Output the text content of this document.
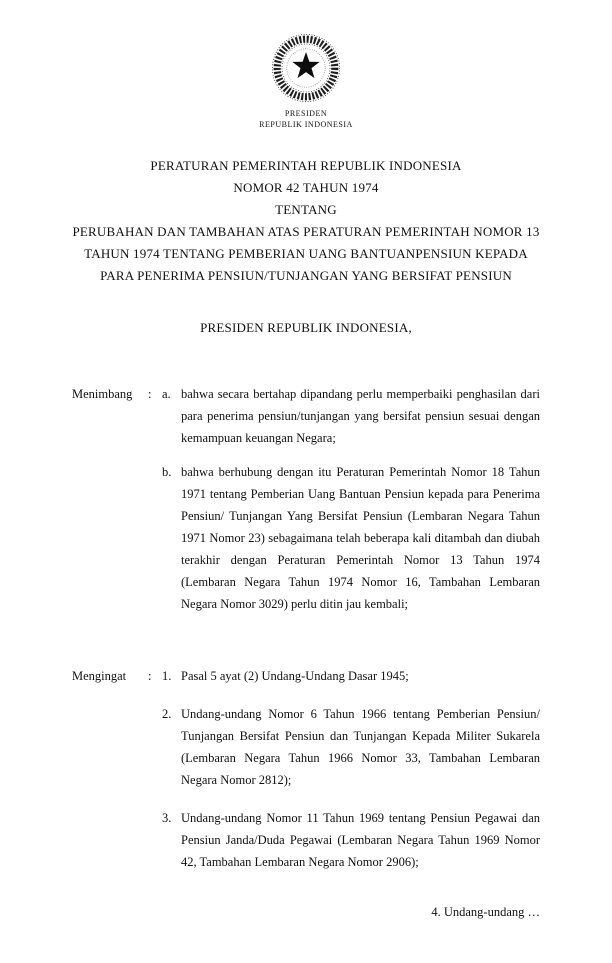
PRESIDEN
REPUBLIK INDONESIA
PERATURAN PEMERINTAH REPUBLIK INDONESIA
NOMOR 42 TAHUN 1974
TENTANG
PERUBAHAN DAN TAMBAHAN ATAS PERATURAN PEMERINTAH NOMOR 13
TAHUN 1974 TENTANG PEMBERIAN UANG BANTUANPENSIUN KEPADA
PARA PENERIMA PENSIUN/TUNJANGAN YANG BERSIFAT PENSIUN
PRESIDEN REPUBLIK INDONESIA,
Menimbang	: a. bahwa secara bertahap dipandang perlu memperbaiki penghasilan dari para penerima pensiun/tunjangan yang bersifat pensiun sesuai dengan kemampuan keuangan Negara;

b. bahwa berhubung dengan itu Peraturan Pemerintah Nomor 18 Tahun 1971 tentang Pemberian Uang Bantuan Pensiun kepada para Penerima Pensiun/ Tunjangan Yang Bersifat Pensiun (Lembaran Negara Tahun 1971 Nomor 23) sebagaimana telah beberapa kali ditambah dan diubah terakhir dengan Peraturan Pemerintah Nomor 13 Tahun 1974 (Lembaran Negara Tahun 1974 Nomor 16, Tambahan Lembaran Negara Nomor 3029) perlu ditin jau kembali;

Mengingat	: 1. Pasal 5 ayat (2) Undang-Undang Dasar 1945;

2. Undang-undang Nomor 6 Tahun 1966 tentang Pemberian Pensiun/ Tunjangan Bersifat Pensiun dan Tunjangan Kepada Militer Sukarela (Lembaran Negara Tahun 1966 Nomor 33, Tambahan Lembaran Negara Nomor 2812);

3. Undang-undang Nomor 11 Tahun 1969 tentang Pensiun Pegawai dan Pensiun Janda/Duda Pegawai (Lembaran Negara Tahun 1969 Nomor 42, Tambahan Lembaran Negara Nomor 2906);

4. Undang-undang …
